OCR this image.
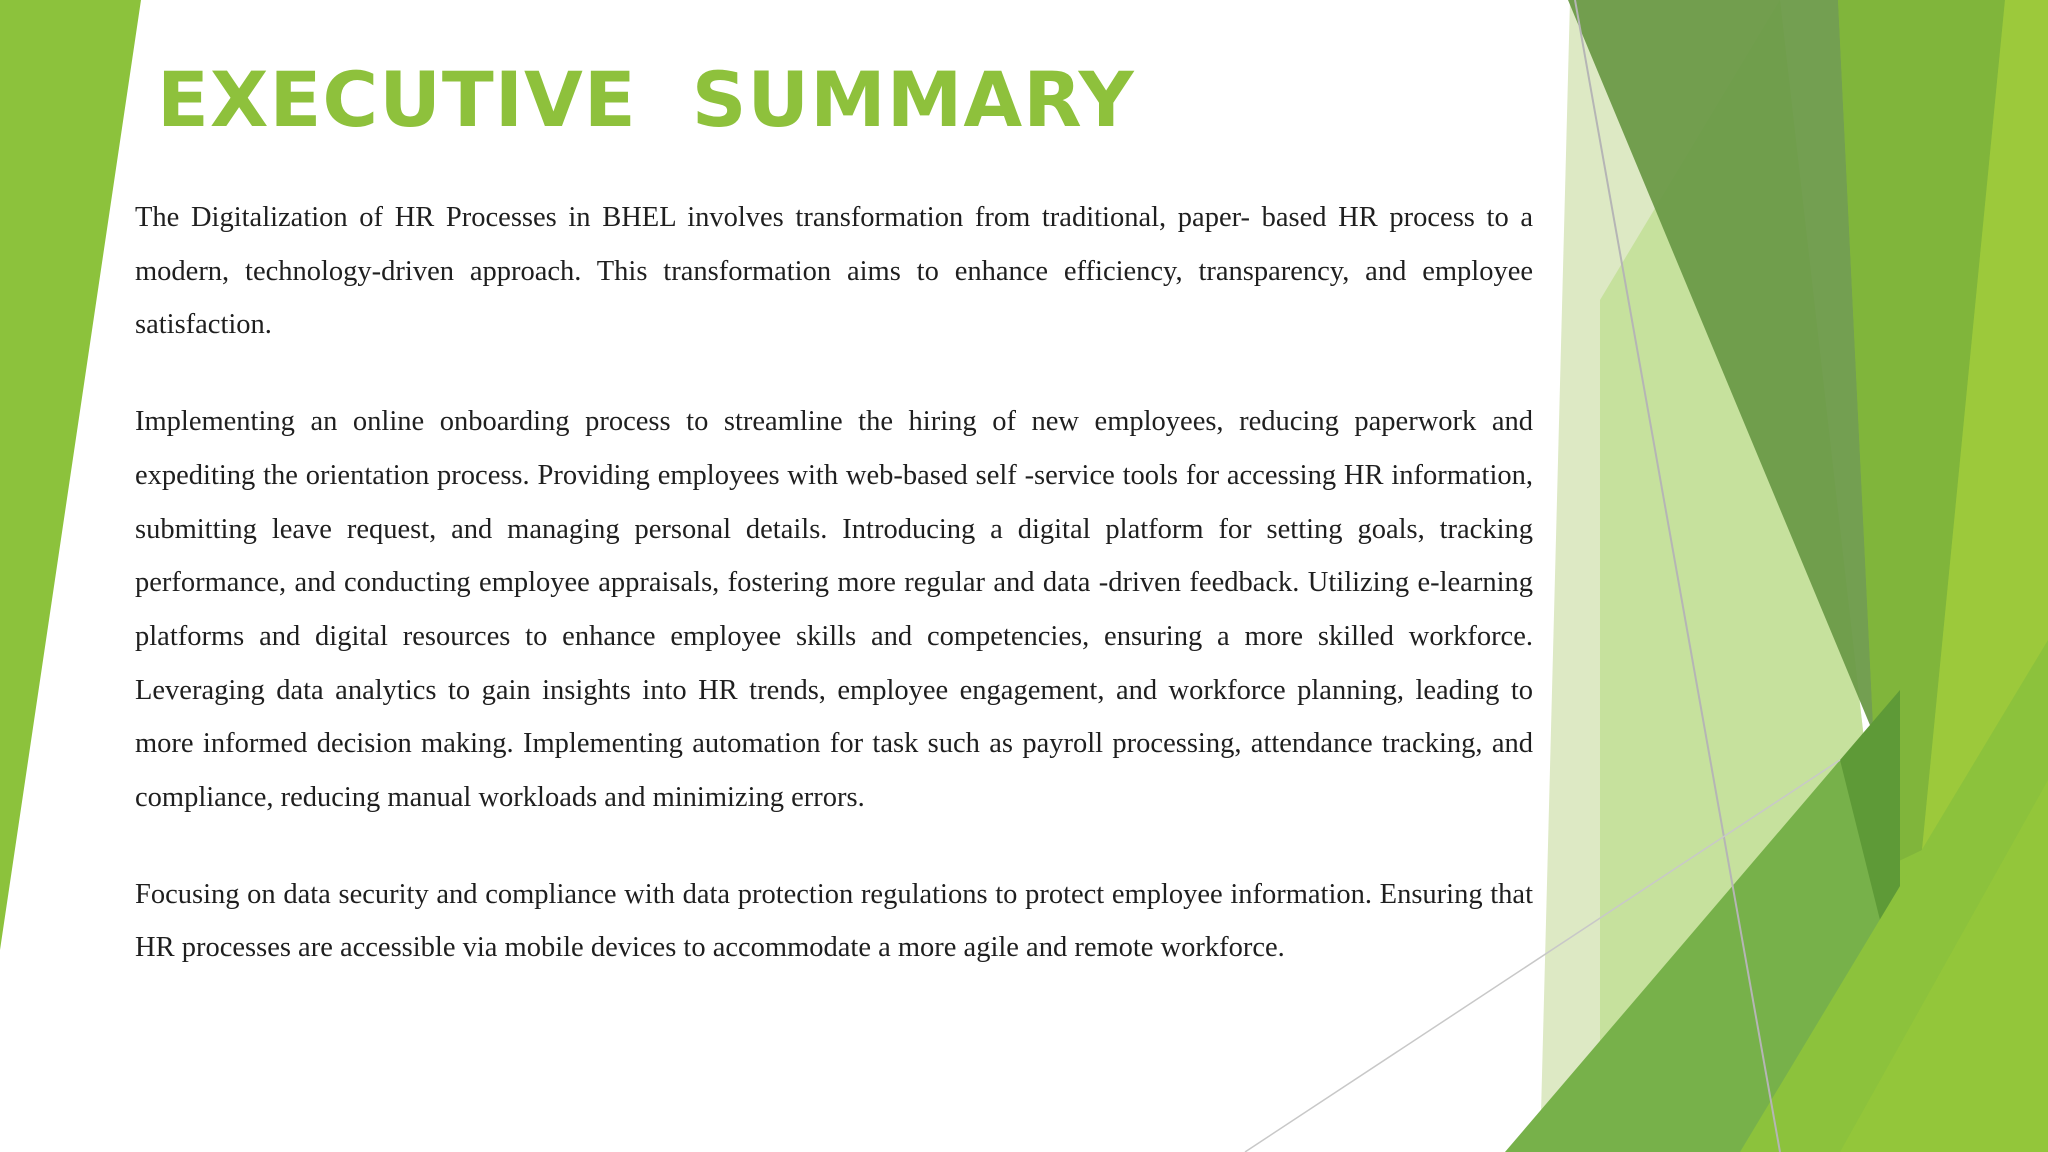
EXECUTIVE  SUMMARY

The Digitalization of HR Processes in BHEL involves transformation from traditional, paper- based HR process to a modern, technology-driven approach. This transformation aims to enhance efficiency, transparency, and employee satisfaction.

Implementing an online onboarding process to streamline the hiring of new employees, reducing paperwork and expediting the orientation process. Providing employees with web-based self -service tools for accessing HR information, submitting leave request, and managing personal details. Introducing a digital platform for setting goals, tracking performance, and conducting employee appraisals, fostering more regular and data -driven feedback. Utilizing e-learning platforms and digital resources to enhance employee skills and competencies, ensuring a more skilled workforce. Leveraging data analytics to gain insights into HR trends, employee engagement, and workforce planning, leading to more informed decision making. Implementing automation for task such as payroll processing, attendance tracking, and compliance, reducing manual workloads and minimizing errors.

Focusing on data security and compliance with data protection regulations to protect employee information. Ensuring that HR processes are accessible via mobile devices to accommodate a more agile and remote workforce.
